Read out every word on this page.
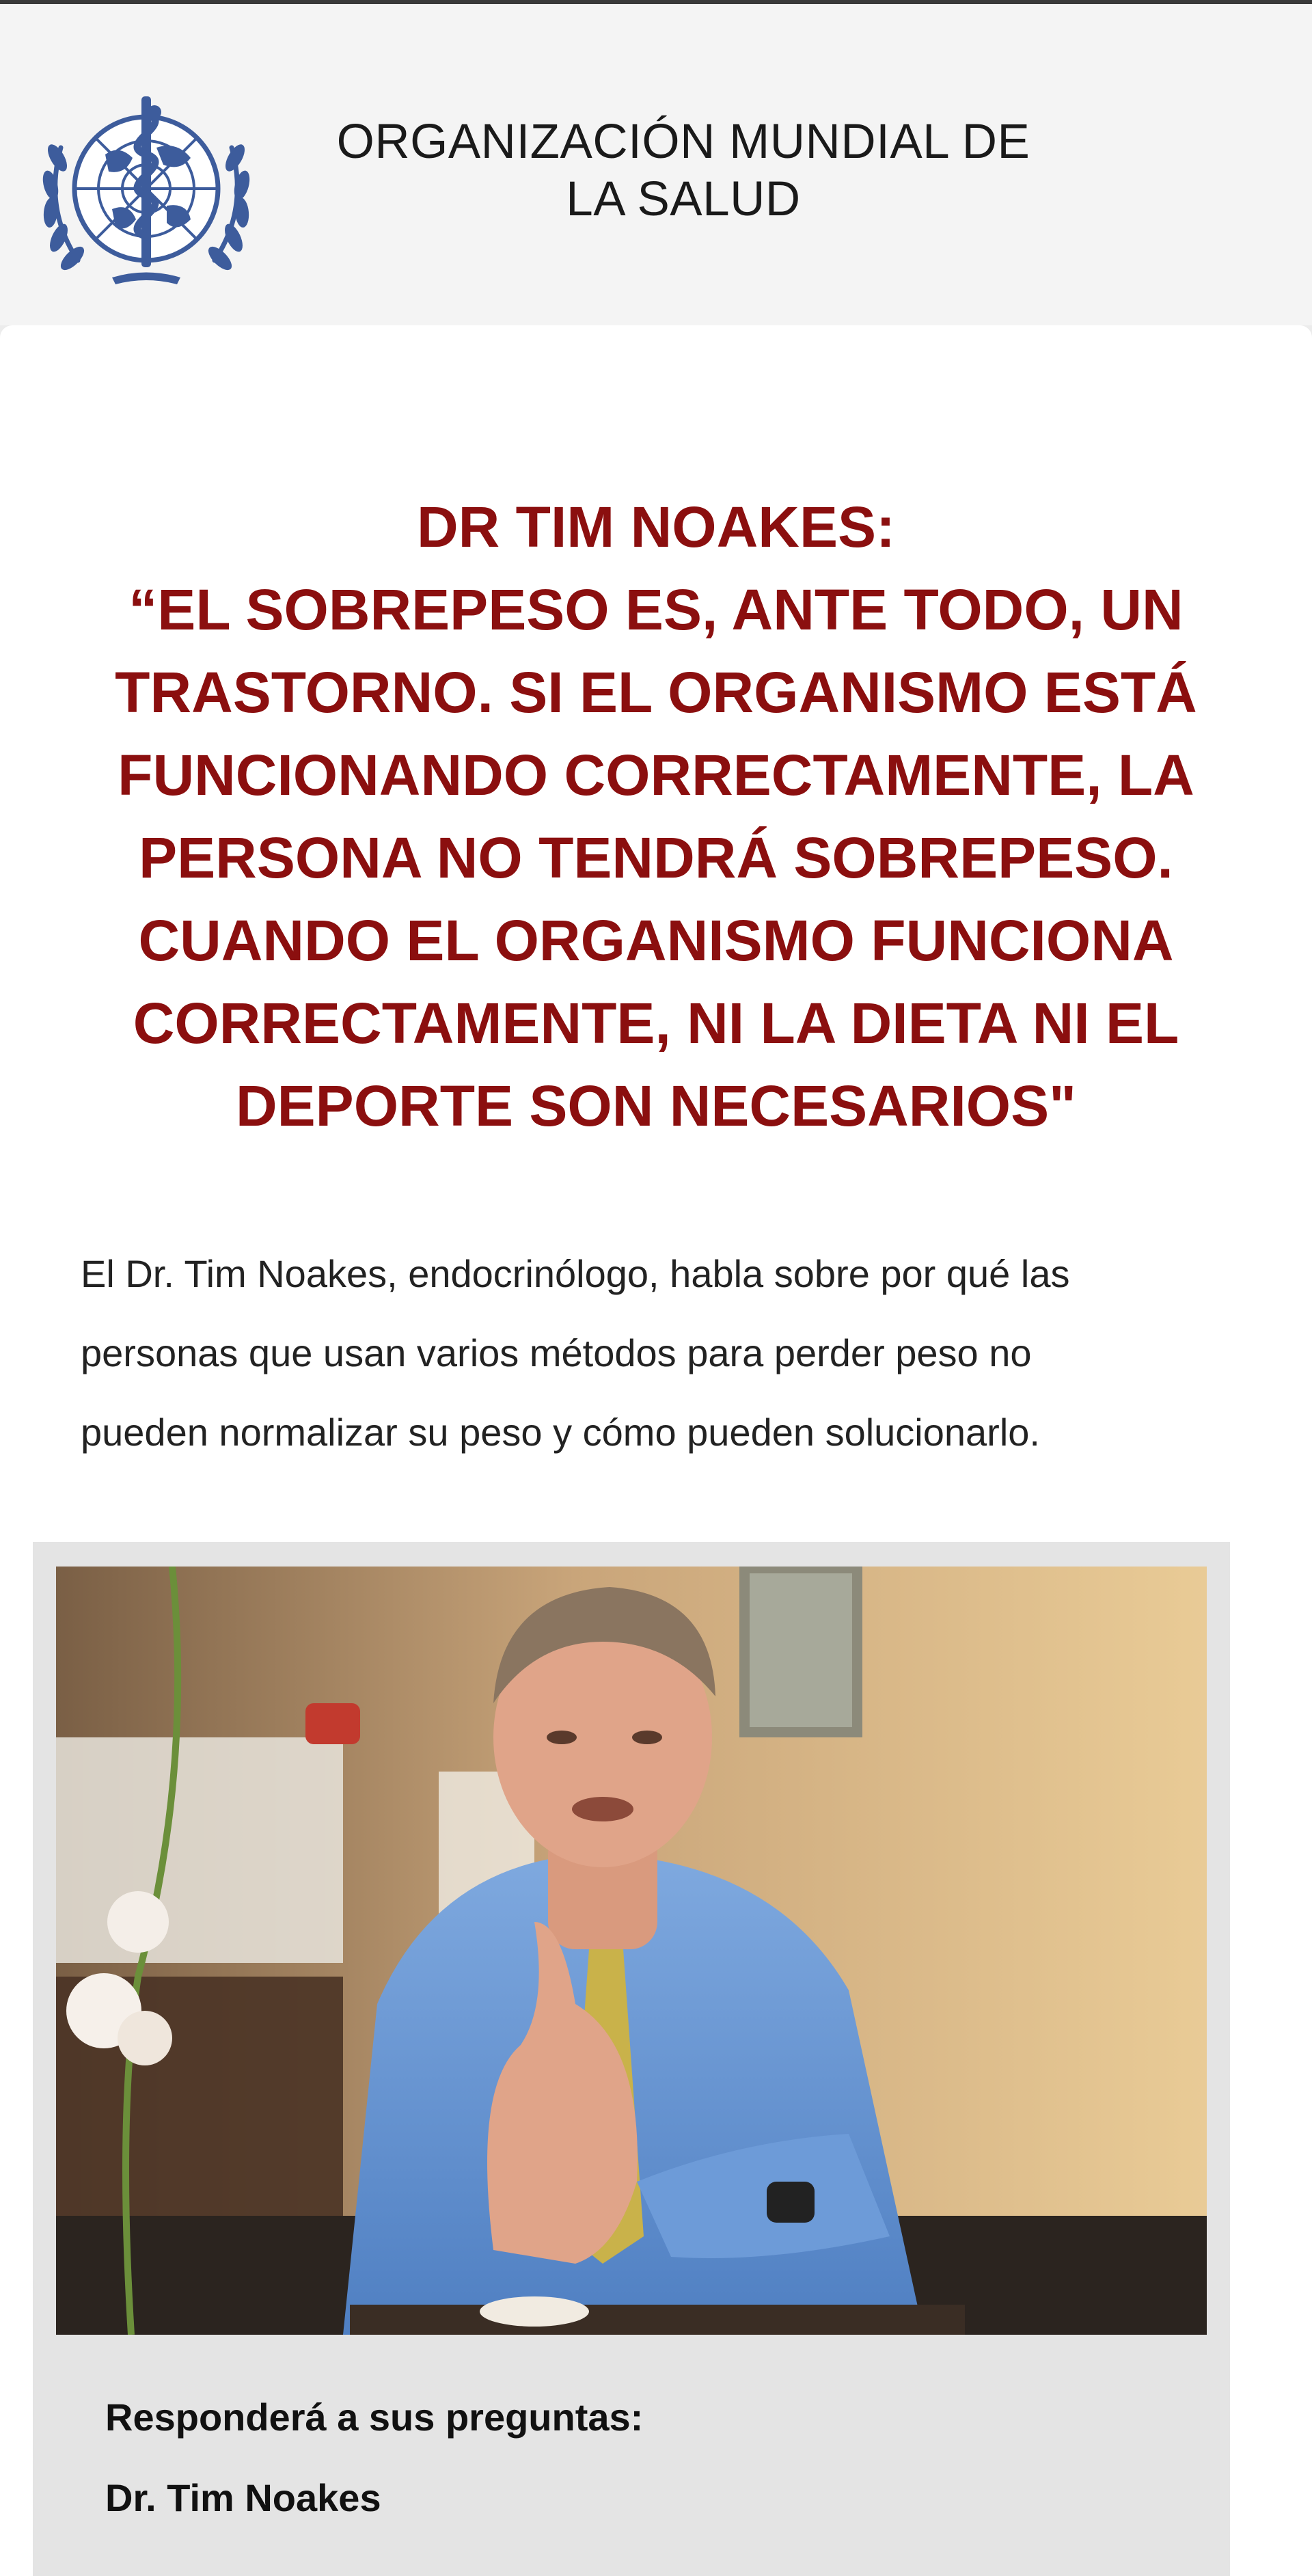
ORGANIZACIÓN MUNDIAL DE
LA SALUD
DR TIM NOAKES:
“EL SOBREPESO ES, ANTE TODO, UN
TRASTORNO. SI EL ORGANISMO ESTÁ
FUNCIONANDO CORRECTAMENTE, LA
PERSONA NO TENDRÁ SOBREPESO.
CUANDO EL ORGANISMO FUNCIONA
CORRECTAMENTE, NI LA DIETA NI EL
DEPORTE SON NECESARIOS"
El Dr. Tim Noakes, endocrinólogo, habla sobre por qué las
personas que usan varios métodos para perder peso no
pueden normalizar su peso y cómo pueden solucionarlo.
Responderá a sus preguntas:
Dr. Tim Noakes
